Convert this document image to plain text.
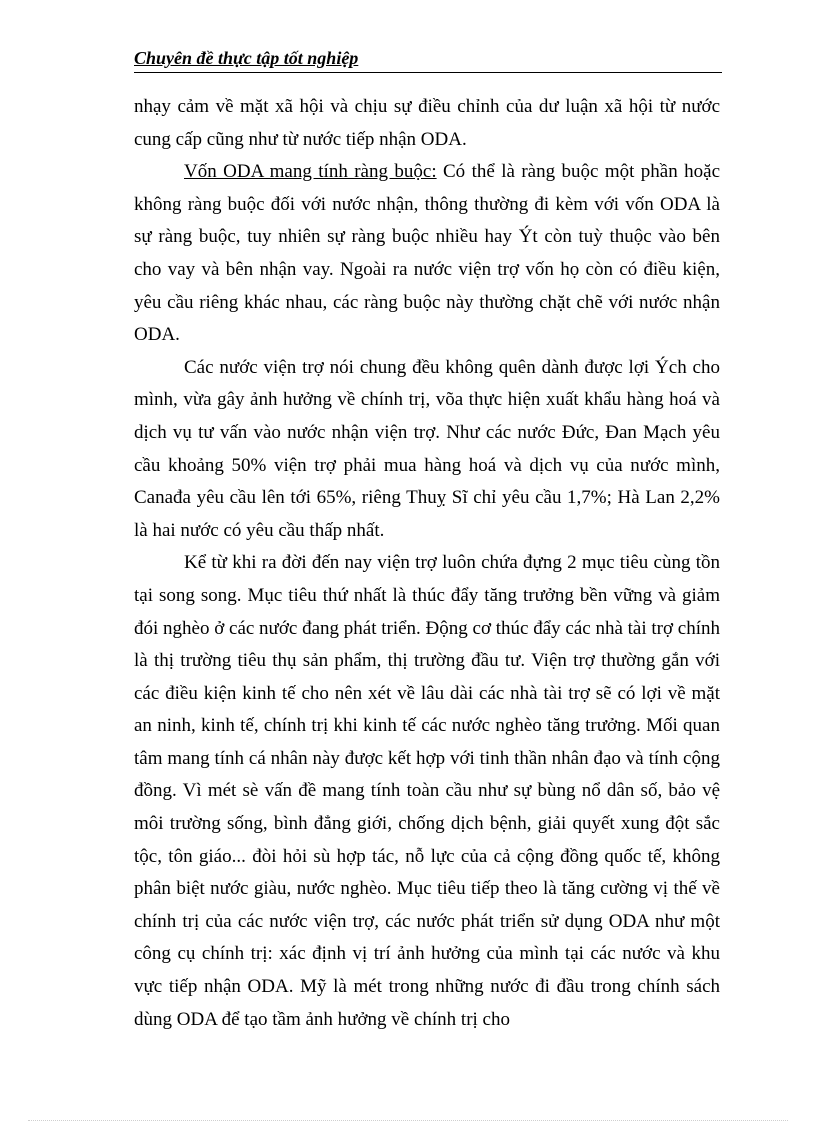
Chuyên đề thực tập tốt nghiệp

nhạy cảm về mặt xã hội và chịu sự điều chỉnh của dư luận xã hội từ nước cung cấp cũng như từ nước tiếp nhận ODA.

Vốn ODA mang tính ràng buộc: Có thể là ràng buộc một phần hoặc không ràng buộc đối với nước nhận, thông thường đi kèm với vốn ODA là sự ràng buộc, tuy nhiên sự ràng buộc nhiều hay Ýt còn tuỳ thuộc vào bên cho vay và bên nhận vay. Ngoài ra nước viện trợ vốn họ còn có điều kiện, yêu cầu riêng khác nhau, các ràng buộc này thường chặt chẽ với nước nhận ODA.

Các nước viện trợ nói chung đều không quên dành được lợi Ých cho mình, vừa gây ảnh hưởng về chính trị, võa thực hiện xuất khẩu hàng hoá và dịch vụ tư vấn vào nước nhận viện trợ. Như các nước Đức, Đan Mạch yêu cầu khoảng 50% viện trợ phải mua hàng hoá và dịch vụ của nước mình, Canađa yêu cầu lên tới 65%, riêng Thuỵ Sĩ chỉ yêu cầu 1,7%; Hà Lan 2,2% là hai nước có yêu cầu thấp nhất.

Kể từ khi ra đời đến nay viện trợ luôn chứa đựng 2 mục tiêu cùng tồn tại song song. Mục tiêu thứ nhất là thúc đẩy tăng trưởng bền vững và giảm đói nghèo ở các nước đang phát triển. Động cơ thúc đẩy các nhà tài trợ chính là thị trường tiêu thụ sản phẩm, thị trường đầu tư. Viện trợ thường gắn với các điều kiện kinh tế cho nên xét về lâu dài các nhà tài trợ sẽ có lợi về mặt an ninh, kinh tế, chính trị khi kinh tế các nước nghèo tăng trưởng. Mối quan tâm mang tính cá nhân này được kết hợp với tinh thần nhân đạo và tính cộng đồng. Vì mét sè vấn đề mang tính toàn cầu như sự bùng nổ dân số, bảo vệ môi trường sống, bình đẳng giới, chống dịch bệnh, giải quyết xung đột sắc tộc, tôn giáo... đòi hỏi sù hợp tác, nỗ lực của cả cộng đồng quốc tế, không phân biệt nước giàu, nước nghèo. Mục tiêu tiếp theo là tăng cường vị thế về chính trị của các nước viện trợ, các nước phát triển sử dụng ODA như một công cụ chính trị: xác định vị trí ảnh hưởng của mình tại các nước và khu vực tiếp nhận ODA. Mỹ là mét trong những nước đi đầu trong chính sách dùng ODA để tạo tầm ảnh hưởng về chính trị cho
